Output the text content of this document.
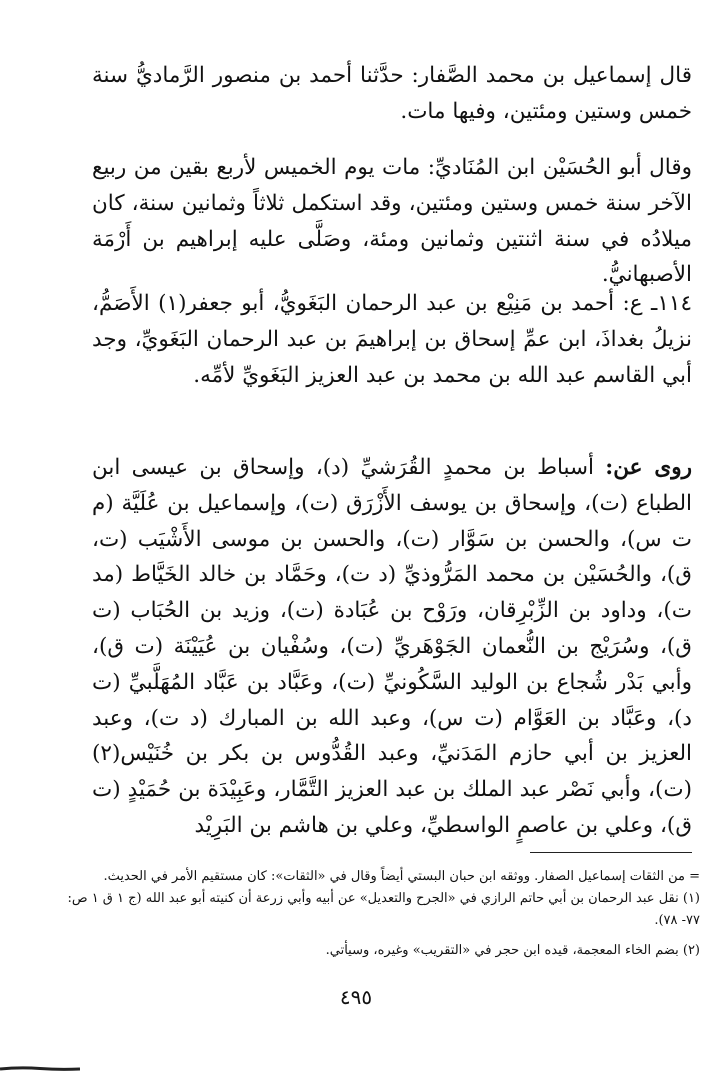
قال إسماعيل بن محمد الصَّفار: حدَّثنا أحمد بن منصور الرَّماديُّ سنة خمس وستين ومئتين، وفيها مات.

وقال أبو الحُسَيْن ابن المُنَاديِّ: مات يوم الخميس لأربع بقين من ربيع الآخر سنة خمس وستين ومئتين، وقد استكمل ثلاثاً وثمانين سنة، كان ميلادُه في سنة اثنتين وثمانين ومئة، وصَلَّى عليه إبراهيم بن أَرْمَة الأصبهانيُّ.

١١٤ـ ع: أحمد بن مَنِيْع بن عبد الرحمان البَغَويُّ، أبو جعفر(١) الأَصَمُّ، نزيلُ بغداذَ، ابن عمِّ إسحاق بن إبراهيمَ بن عبد الرحمان البَغَويِّ، وجد أبي القاسم عبد الله بن محمد بن عبد العزيز البَغَويِّ لأمِّه.

روى عن: أسباط بن محمدٍ القُرَشيِّ (د)، وإسحاق بن عيسى ابن الطباع (ت)، وإسحاق بن يوسف الأَزْرَق (ت)، وإسماعيل بن عُلَيَّة (م ت س)، والحسن بن سَوَّار (ت)، والحسن بن موسى الأَشْيَب (ت، ق)، والحُسَيْن بن محمد المَرُّوذيِّ (د ت)، وحَمَّاد بن خالد الخَيَّاط (مد ت)، وداود بن الزِّبْرِقان، ورَوْح بن عُبَادة (ت)، وزيد بن الحُبَاب (ت ق)، وسُرَيْج بن النُّعمان الجَوْهَريِّ (ت)، وسُفْيان بن عُيَيْنَة (ت ق)، وأبي بَدْر شُجاع بن الوليد السَّكُونيِّ (ت)، وعَبَّاد بن عَبَّاد المُهَلَّبيِّ (ت د)، وعَبَّاد بن العَوَّام (ت س)، وعبد الله بن المبارك (د ت)، وعبد العزيز بن أبي حازم المَدَنيِّ، وعبد القُدُّوس بن بكر بن خُنَيْس(٢) (ت)، وأبي نَصْر عبد الملك بن عبد العزيز التَّمَّار، وعَبِيْدَة بن حُمَيْدٍ (ت ق)، وعلي بن عاصمٍ الواسطيِّ، وعلي بن هاشم بن البَرِيْد

= من الثقات إسماعيل الصفار. ووثقه ابن حبان البستي أيضاً وقال في «الثقات»: كان مستقيم الأمر في الحديث.

(١) نقل عبد الرحمان بن أبي حاتم الرازي في «الجرح والتعديل» عن أبيه وأبي زرعة أن كنيته أبو عبد الله (ج ١ ق ١ ص: ٧٧- ٧٨).

(٢) بضم الخاء المعجمة، قيده ابن حجر في «التقريب» وغيره، وسيأتي.

٤٩٥
